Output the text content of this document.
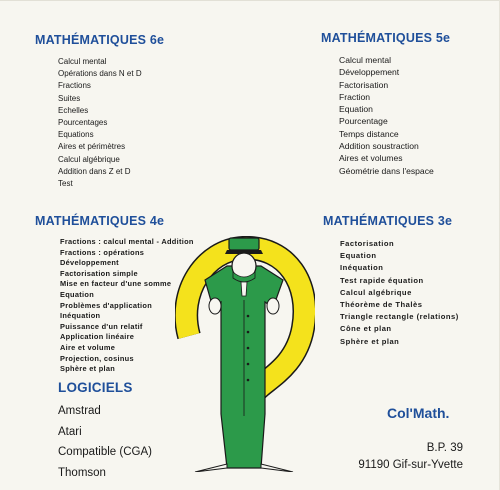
MATHÉMATIQUES 6e
Calcul mental
Opérations dans N et D
Fractions
Suites
Echelles
Pourcentages
Equations
Aires et périmètres
Calcul algébrique
Addition dans Z et D
Test
MATHÉMATIQUES 5e
Calcul mental
Développement
Factorisation
Fraction
Equation
Pourcentage
Temps distance
Addition soustraction
Aires et volumes
Géométrie dans l'espace
MATHÉMATIQUES 4e
Fractions : calcul mental - Addition
Fractions : opérations
Développement
Factorisation simple
Mise en facteur d'une somme
Equation
Problèmes d'application
Inéquation
Puissance d'un relatif
Application linéaire
Aire et volume
Projection, cosinus
Sphère et plan
MATHÉMATIQUES 3e
Factorisation
Equation
Inéquation
Test rapide équation
Calcul algébrique
Théorème de Thalès
Triangle rectangle (relations)
Cône et plan
Sphère et plan
LOGICIELS
Amstrad
Atari
Compatible (CGA)
Thomson
Col'Math.
B.P. 39
91190 Gif-sur-Yvette
